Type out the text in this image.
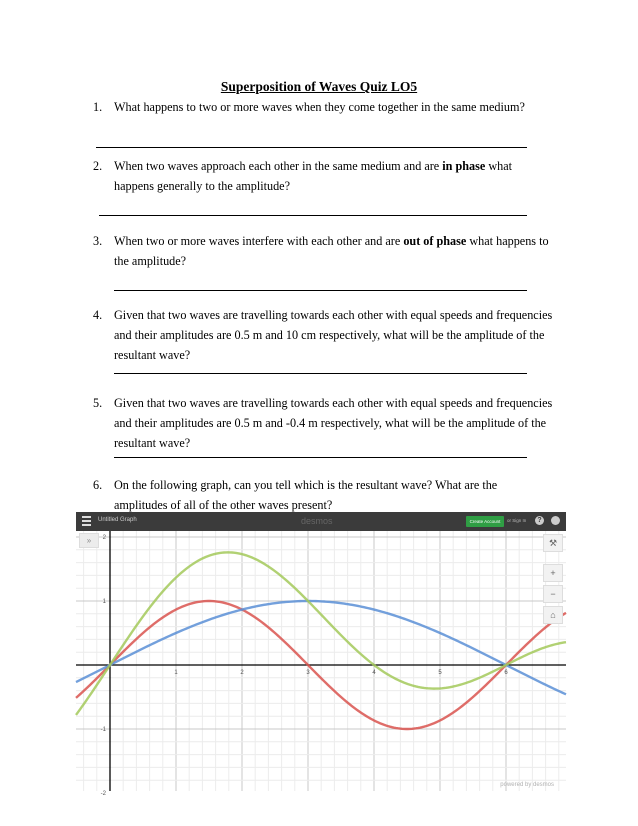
Superposition of Waves Quiz LO5
1. What happens to two or more waves when they come together in the same medium?
2. When two waves approach each other in the same medium and are in phase what
happens generally to the amplitude?
3. When two or more waves interfere with each other and are out of phase what happens to
the amplitude?
4. Given that two waves are travelling towards each other with equal speeds and frequencies
and their amplitudes are 0.5 m and 10 cm respectively, what will be the amplitude of the
resultant wave?
5. Given that two waves are travelling towards each other with equal speeds and frequencies
and their amplitudes are 0.5 m and -0.4 m respectively, what will be the amplitude of the
resultant wave?
6. On the following graph, can you tell which is the resultant wave? What are the
amplitudes of all of the other waves present?
Untitled Graph	desmos	Create Account	or Sign In	?
1	2	3	4	5	6
2
1
-1
-2
powered by desmos
»	⚒
+
−
⌂
